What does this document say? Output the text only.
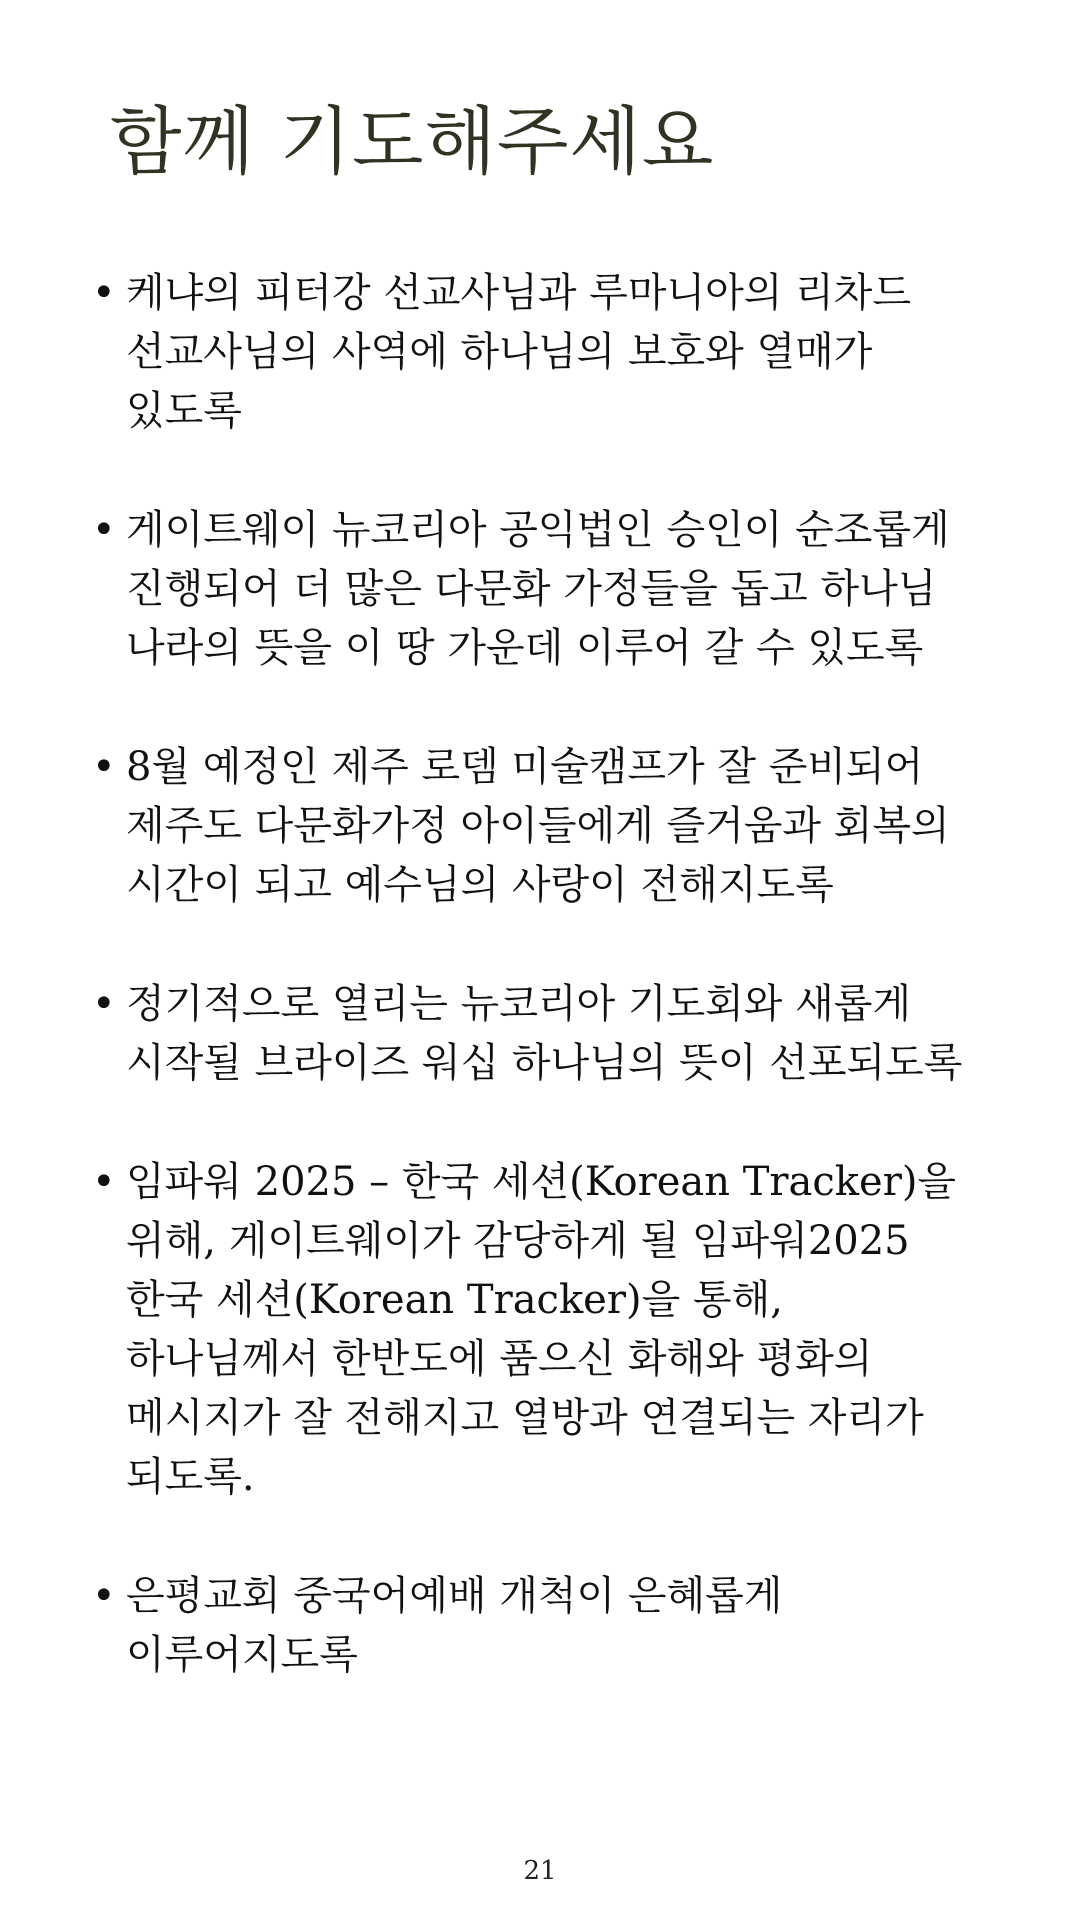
함께 기도해주세요
• 케냐의 피터강 선교사님과 루마니아의 리차드 선교사님의 사역에 하나님의 보호와 열매가 있도록
• 게이트웨이 뉴코리아 공익법인 승인이 순조롭게 진행되어 더 많은 다문화 가정들을 돕고 하나님 나라의 뜻을 이 땅 가운데 이루어 갈 수 있도록
• 8월 예정인 제주 로뎀 미술캠프가 잘 준비되어 제주도 다문화가정 아이들에게 즐거움과 회복의 시간이 되고 예수님의 사랑이 전해지도록
• 정기적으로 열리는 뉴코리아 기도회와 새롭게 시작될 브라이즈 워십 하나님의 뜻이 선포되도록
• 임파워 2025 – 한국 세션(Korean Tracker)을 위해, 게이트웨이가 감당하게 될 임파워2025 한국 세션(Korean Tracker)을 통해, 하나님께서 한반도에 품으신 화해와 평화의 메시지가 잘 전해지고 열방과 연결되는 자리가 되도록.
• 은평교회 중국어예배 개척이 은혜롭게 이루어지도록
21
